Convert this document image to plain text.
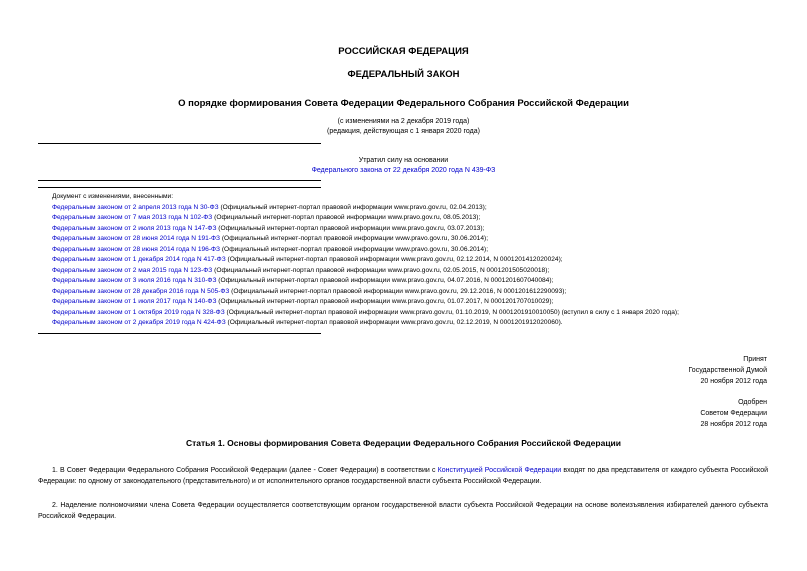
РОССИЙСКАЯ ФЕДЕРАЦИЯ
ФЕДЕРАЛЬНЫЙ ЗАКОН
О порядке формирования Совета Федерации Федерального Собрания Российской Федерации
(с изменениями на 2 декабря 2019 года)
(редакция, действующая с 1 января 2020 года)
Утратил силу на основании
Федерального закона от 22 декабря 2020 года N 439-ФЗ
Документ с изменениями, внесенными:
Федеральным законом от 2 апреля 2013 года N 30-ФЗ (Официальный интернет-портал правовой информации www.pravo.gov.ru, 02.04.2013);
Федеральным законом от 7 мая 2013 года N 102-ФЗ (Официальный интернет-портал правовой информации www.pravo.gov.ru, 08.05.2013);
Федеральным законом от 2 июля 2013 года N 147-ФЗ (Официальный интернет-портал правовой информации www.pravo.gov.ru, 03.07.2013);
Федеральным законом от 28 июня 2014 года N 191-ФЗ (Официальный интернет-портал правовой информации www.pravo.gov.ru, 30.06.2014);
Федеральным законом от 28 июня 2014 года N 196-ФЗ (Официальный интернет-портал правовой информации www.pravo.gov.ru, 30.06.2014);
Федеральным законом от 1 декабря 2014 года N 417-ФЗ (Официальный интернет-портал правовой информации www.pravo.gov.ru, 02.12.2014, N 0001201412020024);
Федеральным законом от 2 мая 2015 года N 123-ФЗ (Официальный интернет-портал правовой информации www.pravo.gov.ru, 02.05.2015, N 0001201505020018);
Федеральным законом от 3 июля 2016 года N 310-ФЗ (Официальный интернет-портал правовой информации www.pravo.gov.ru, 04.07.2016, N 0001201607040084);
Федеральным законом от 28 декабря 2016 года N 505-ФЗ (Официальный интернет-портал правовой информации www.pravo.gov.ru, 29.12.2016, N 0001201612290093);
Федеральным законом от 1 июля 2017 года N 140-ФЗ (Официальный интернет-портал правовой информации www.pravo.gov.ru, 01.07.2017, N 0001201707010029);
Федеральным законом от 1 октября 2019 года N 328-ФЗ (Официальный интернет-портал правовой информации www.pravo.gov.ru, 01.10.2019, N 0001201910010050) (вступил в силу с 1 января 2020 года);
Федеральным законом от 2 декабря 2019 года N 424-ФЗ (Официальный интернет-портал правовой информации www.pravo.gov.ru, 02.12.2019, N 0001201912020060).
Принят
Государственной Думой
20 ноября 2012 года
Одобрен
Советом Федерации
28 ноября 2012 года
Статья 1. Основы формирования Совета Федерации Федерального Собрания Российской Федерации
1. В Совет Федерации Федерального Собрания Российской Федерации (далее - Совет Федерации) в соответствии с Конституцией Российской Федерации входят по два представителя от каждого субъекта Российской Федерации: по одному от законодательного (представительного) и от исполнительного органов государственной власти субъекта Российской Федерации.
2. Наделение полномочиями члена Совета Федерации осуществляется соответствующим органом государственной власти субъекта Российской Федерации на основе волеизъявления избирателей данного субъекта Российской Федерации.
